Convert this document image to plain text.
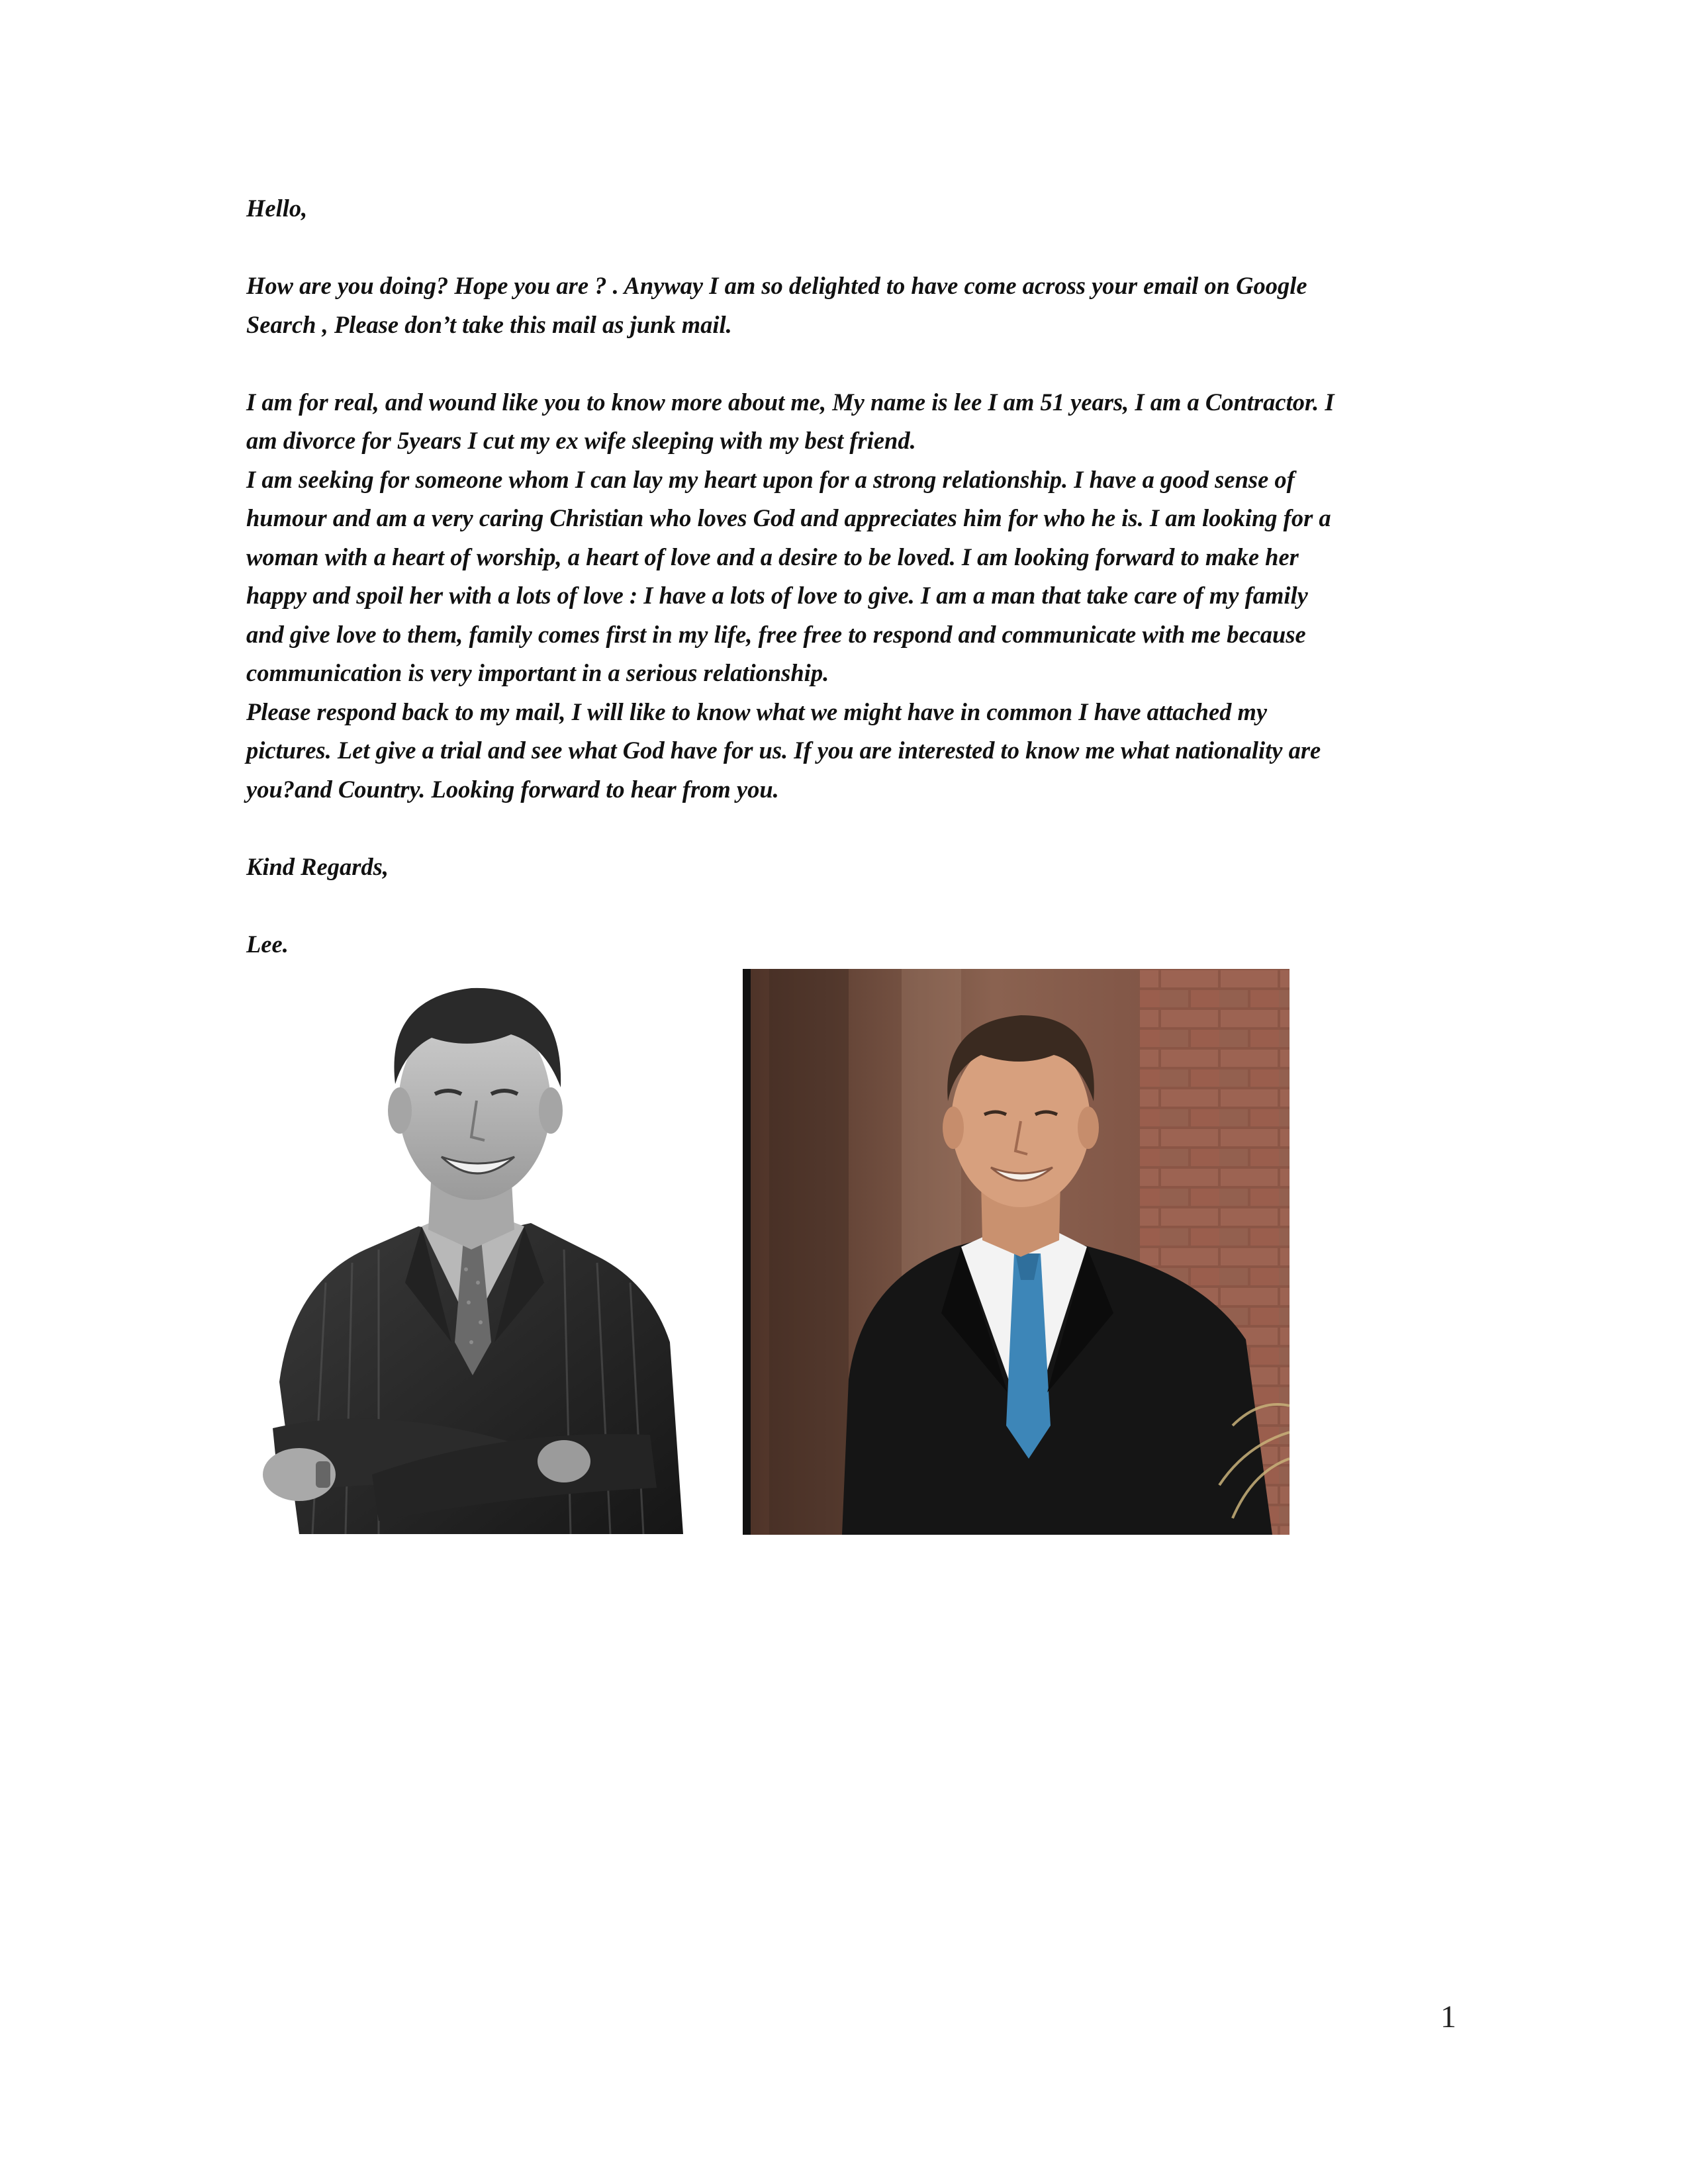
Hello,

How are you doing? Hope you are ? . Anyway I am so delighted to have come across your email on Google

Search , Please don’t take this mail as junk mail.

I am for real, and wound like you to know more about me, My name is lee I am 51 years, I am a Contractor. I

am divorce for 5years I cut my ex wife sleeping with my best friend.

I am seeking for someone whom I can lay my heart upon for a strong relationship. I have a good sense of

humour and am a very caring Christian who loves God and appreciates him for who he is. I am looking for a

woman with a heart of worship, a heart of love and a desire to be loved. I am looking forward to make her

happy and spoil her with a lots of love : I have a lots of love to give. I am a man that take care of my family

and give love to them, family comes first in my life, free free to respond and communicate with me because

communication is very important in a serious relationship.

Please respond back to my mail, I will like to know what we might have in common I have attached my

pictures. Let give a trial and see what God have for us. If you are interested to know me what nationality are

you?and Country. Looking forward to hear from you.

Kind Regards,

Lee.

1
